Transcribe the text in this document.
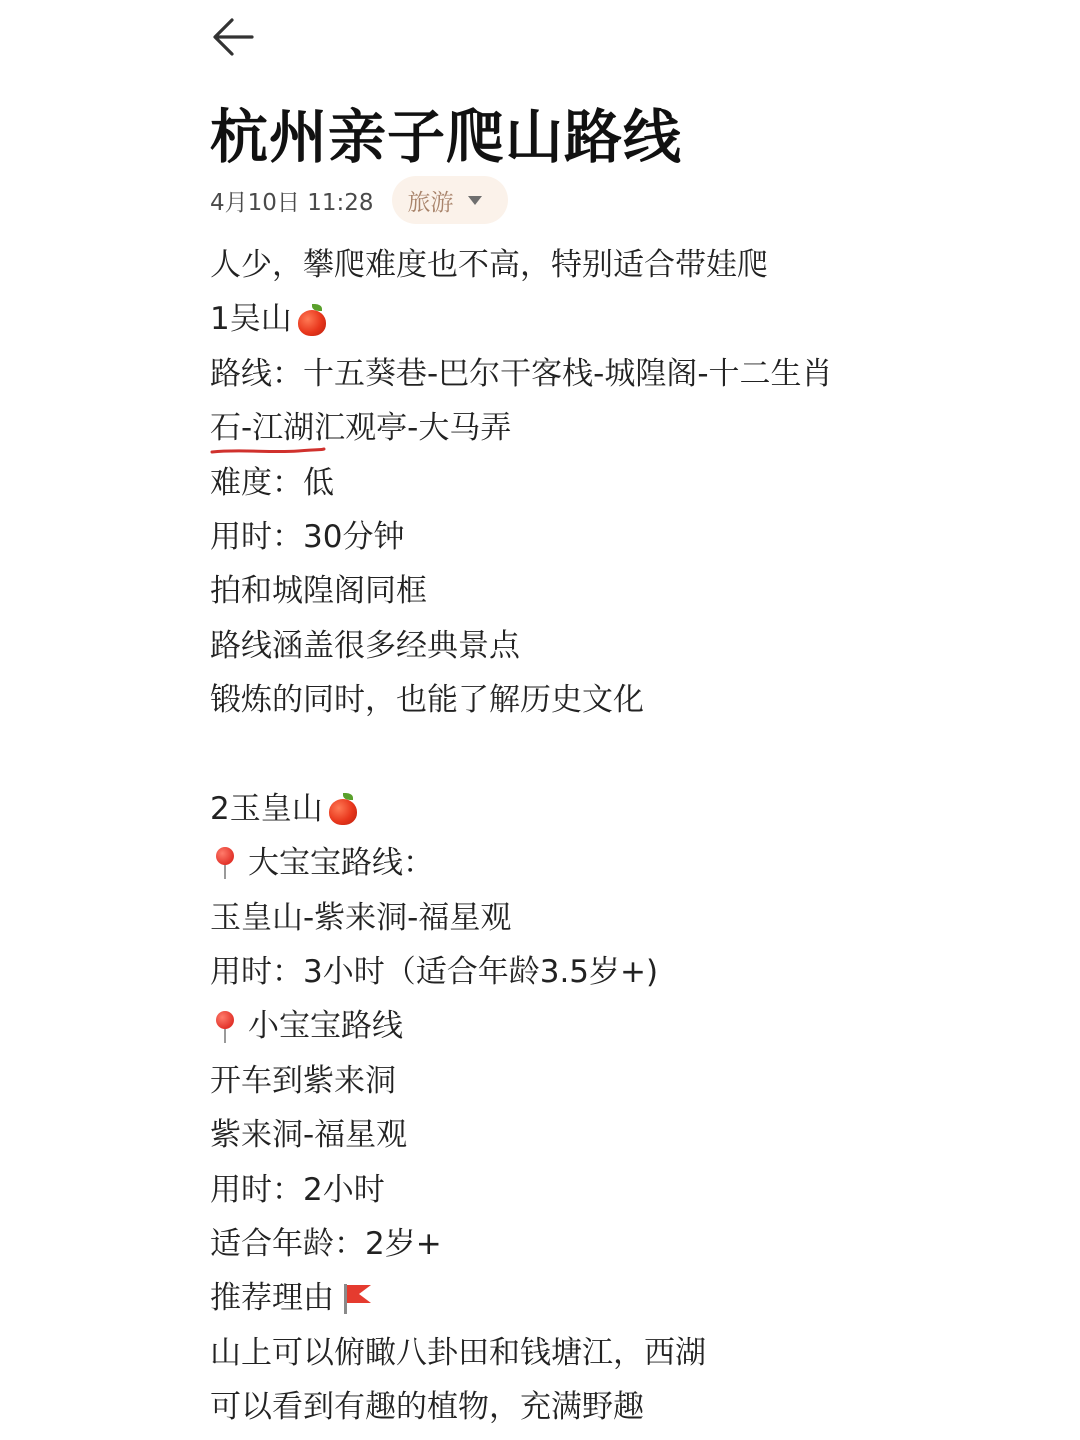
杭州亲子爬山路线
4月10日 11:28 旅游
人少，攀爬难度也不高，特别适合带娃爬
1吴山
路线：十五葵巷-巴尔干客栈-城隍阁-十二生肖
石-江湖汇观亭-大马弄
难度：低
用时：30分钟
拍和城隍阁同框
路线涵盖很多经典景点
锻炼的同时，也能了解历史文化
2玉皇山
大宝宝路线：
玉皇山-紫来洞-福星观
用时：3小时（适合年龄3.5岁+)
小宝宝路线
开车到紫来洞
紫来洞-福星观
用时：2小时
适合年龄：2岁+
推荐理由
山上可以俯瞰八卦田和钱塘江，西湖
可以看到有趣的植物，充满野趣
